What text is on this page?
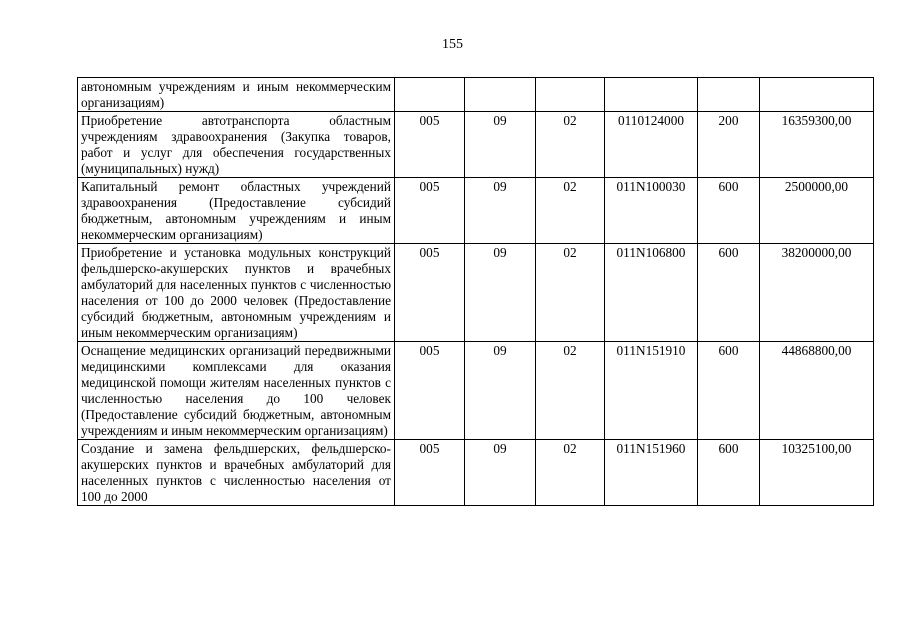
155
автономным учреждениям и иным некоммерческим организациям)						
Приобретение автотранспорта областным учреждениям здравоохранения (Закупка товаров, работ и услуг для обеспечения государственных (муниципальных) нужд)	005	09	02	0110124000	200	16359300,00
Капитальный ремонт областных учреждений здравоохранения (Предоставление субсидий бюджетным, автономным учреждениям и иным некоммерческим организациям)	005	09	02	011N100030	600	2500000,00
Приобретение и установка модульных конструкций фельдшерско-акушерских пунктов и врачебных амбулаторий для населенных пунктов с численностью населения от 100 до 2000 человек (Предоставление субсидий бюджетным, автономным учреждениям и иным некоммерческим организациям)	005	09	02	011N106800	600	38200000,00
Оснащение медицинских организаций передвижными медицинскими комплексами для оказания медицинской помощи жителям населенных пунктов с численностью населения до 100 человек (Предоставление субсидий бюджетным, автономным учреждениям и иным некоммерческим организациям)	005	09	02	011N151910	600	44868800,00
Создание и замена фельдшерских, фельдшерско-акушерских пунктов и врачебных амбулаторий для населенных пунктов с численностью населения от 100 до 2000	005	09	02	011N151960	600	10325100,00
